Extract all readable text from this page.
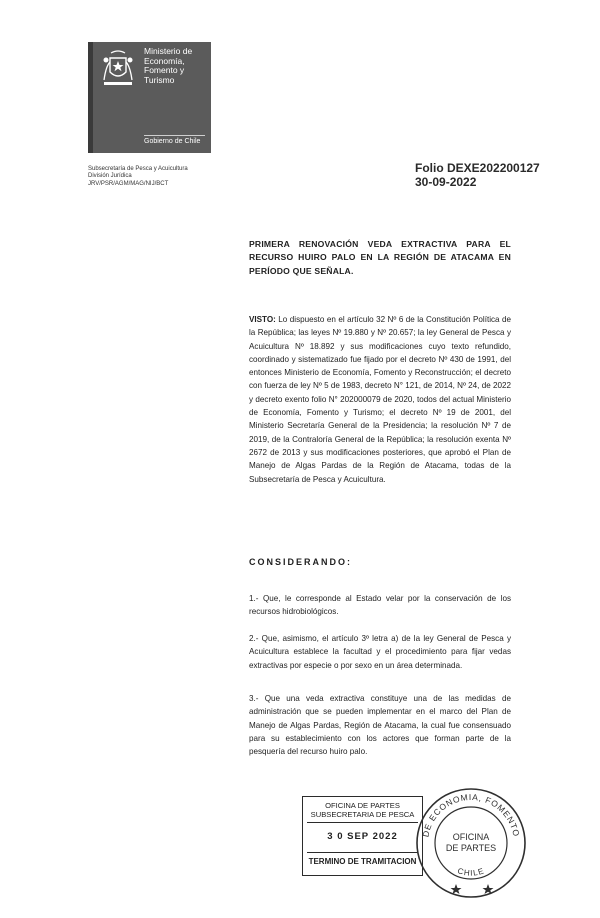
Ministerio de
Economía,
Fomento y
Turismo
Gobierno de Chile
Subsecretaría de Pesca y Acuicultura
División Jurídica
JRV/PSR/AGM/MAG/NIJ/BCT
Folio DEXE202200127
30-09-2022
PRIMERA RENOVACIÓN VEDA EXTRACTIVA PARA EL RECURSO HUIRO PALO EN LA REGIÓN DE ATACAMA EN PERÍODO QUE SEÑALA.
VISTO: Lo dispuesto en el artículo 32 Nº 6 de la Constitución Política de la República; las leyes Nº 19.880 y Nº 20.657; la ley General de Pesca y Acuicultura Nº 18.892 y sus modificaciones cuyo texto refundido, coordinado y sistematizado fue fijado por el decreto Nº 430 de 1991, del entonces Ministerio de Economía, Fomento y Reconstrucción; el decreto con fuerza de ley Nº 5 de 1983, decreto N° 121, de 2014, Nº 24, de 2022 y decreto exento folio N° 202000079 de 2020, todos del actual Ministerio de Economía, Fomento y Turismo; el decreto Nº 19 de 2001, del Ministerio Secretaría General de la Presidencia; la resolución Nº 7 de 2019, de la Contraloría General de la República; la resolución exenta Nº 2672 de 2013 y sus modificaciones posteriores, que aprobó el Plan de Manejo de Algas Pardas de la Región de Atacama, todas de la Subsecretaría de Pesca y Acuicultura.
CONSIDERANDO:
1.- Que, le corresponde al Estado velar por la conservación de los recursos hidrobiológicos.
2.- Que, asimismo, el artículo 3º letra a) de la ley General de Pesca y Acuicultura establece la facultad y el procedimiento para fijar vedas extractivas por especie o por sexo en un área determinada.
3.- Que una veda extractiva constituye una de las medidas de administración que se pueden implementar en el marco del Plan de Manejo de Algas Pardas, Región de Atacama, la cual fue consensuado para su establecimiento con los actores que forman parte de la pesquería del recurso huiro palo.
OFICINA DE PARTES
SUBSECRETARIA DE PESCA
3 0 SEP 2022
TERMINO DE TRAMITACION
DE ECONOMIA, FOMENTO
OFICINA
DE PARTES
CHILE
